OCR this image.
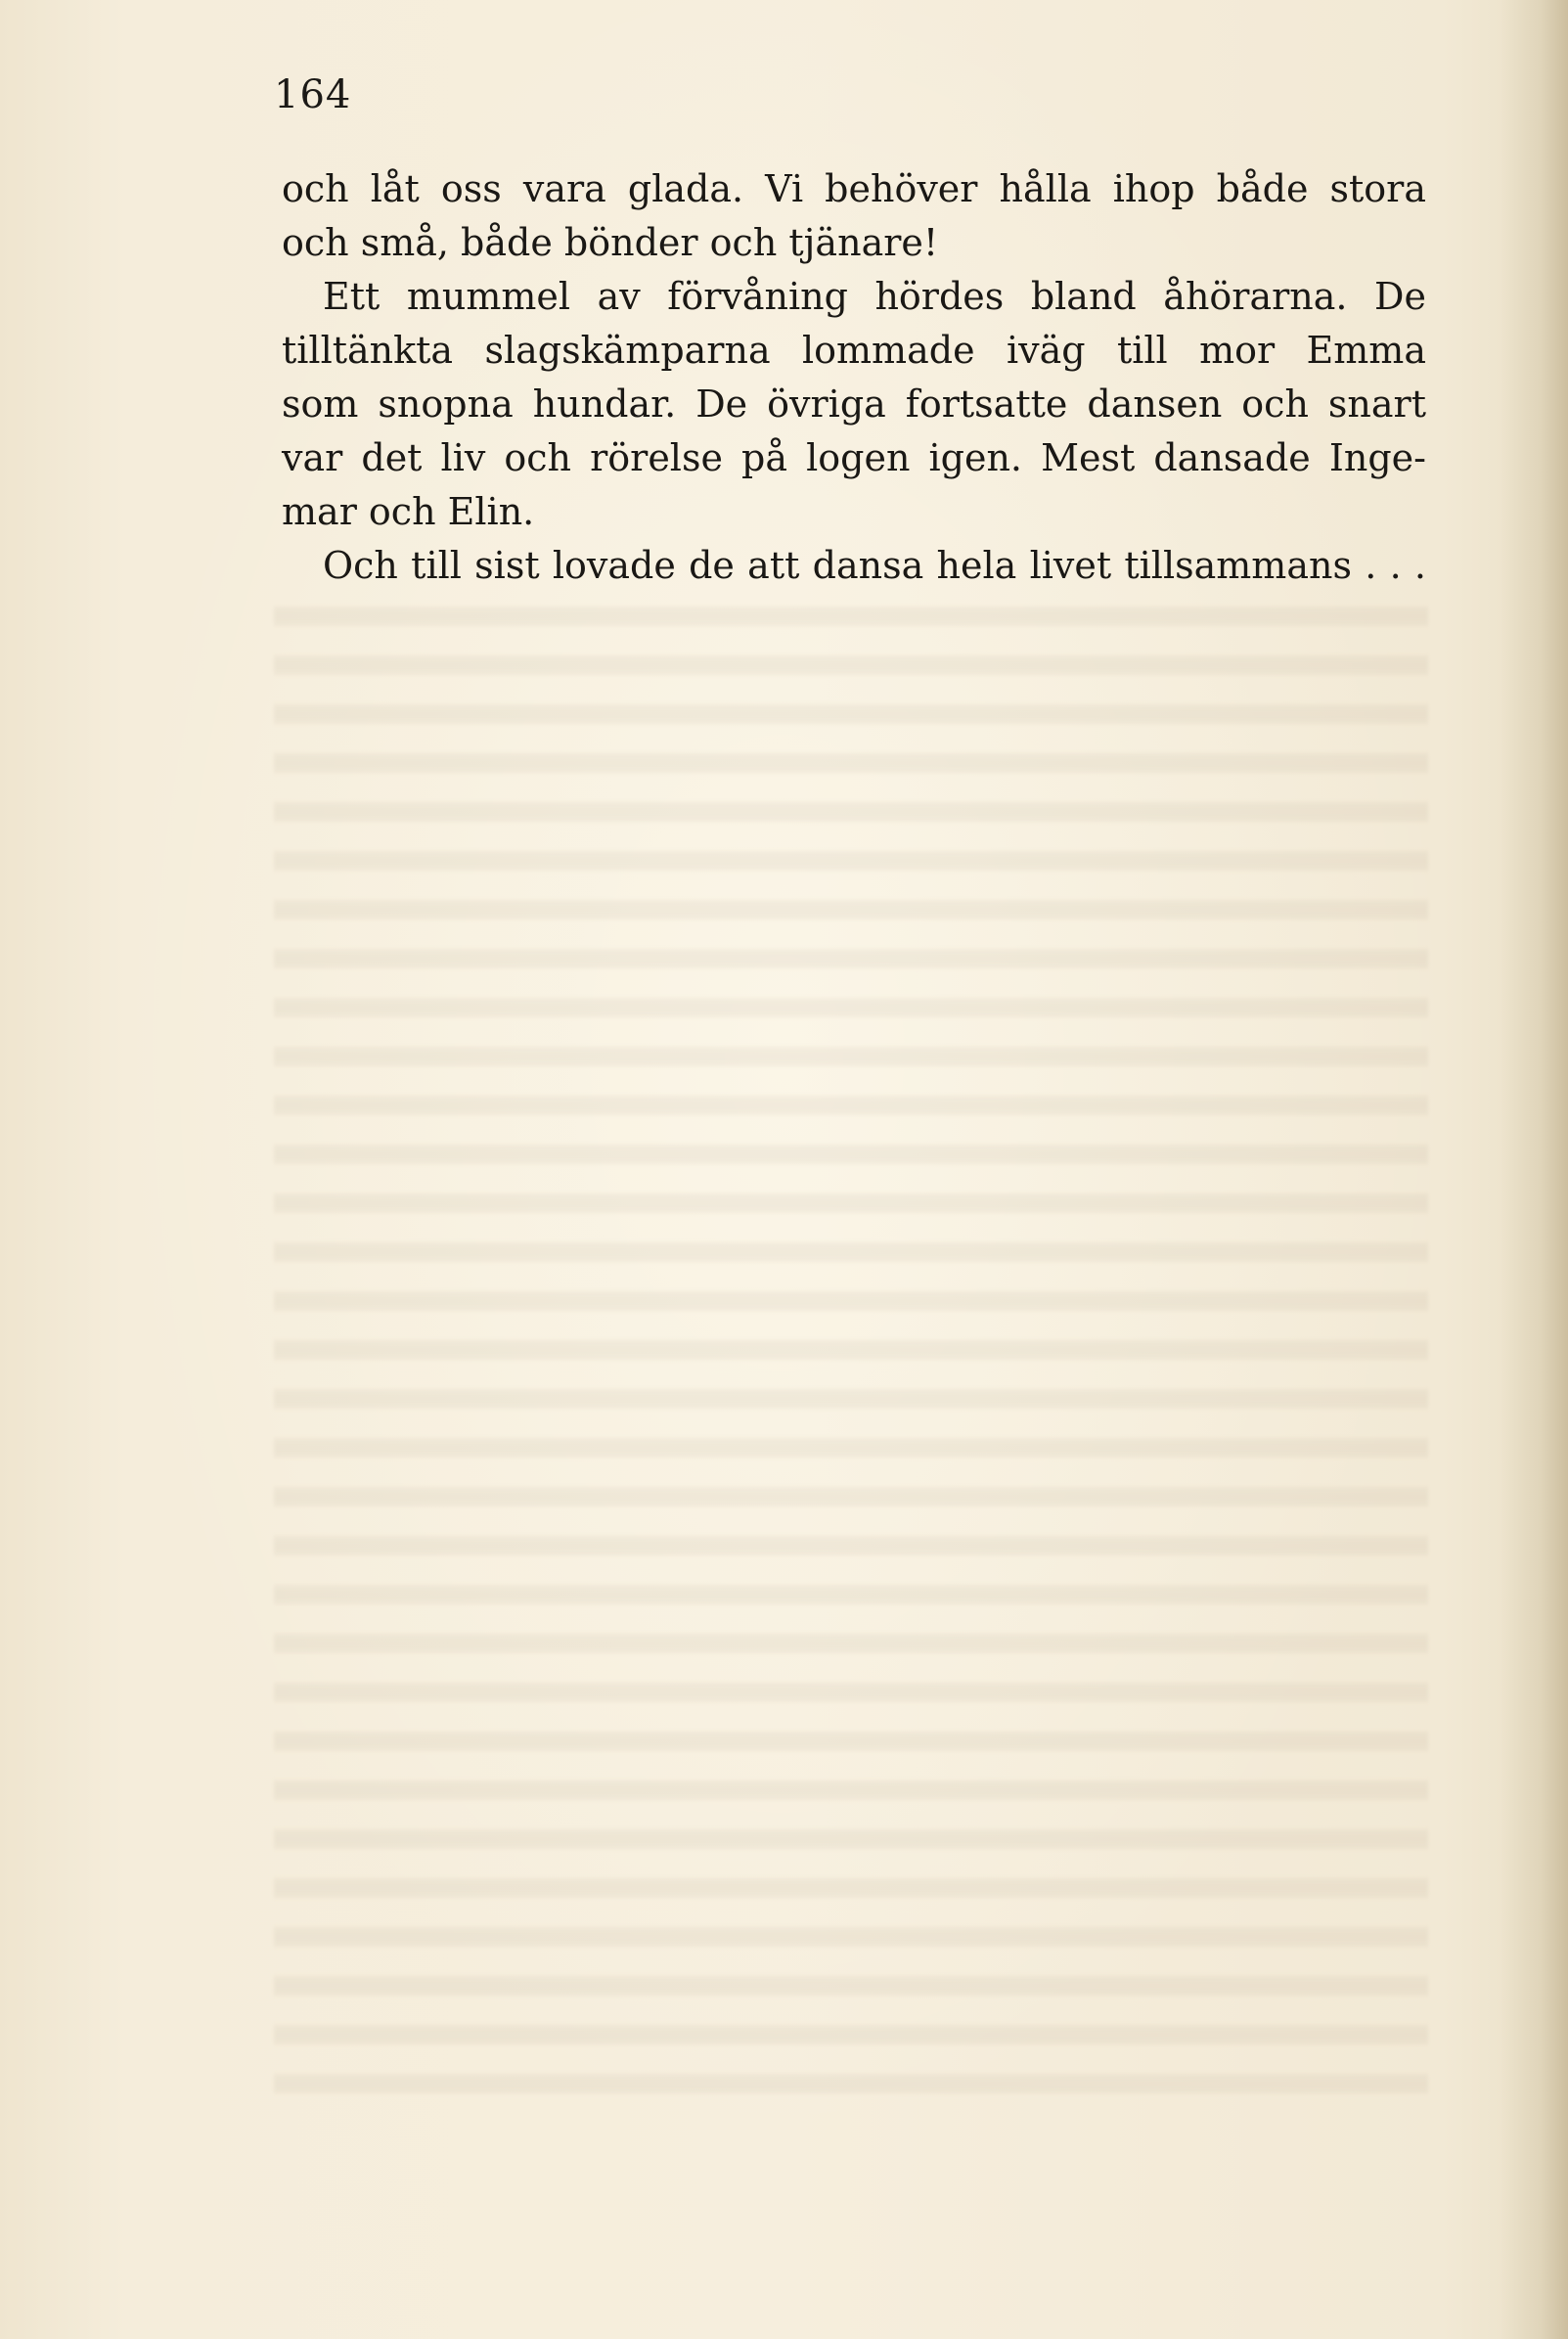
164
och låt oss vara glada. Vi behöver hålla ihop både stora
och små, både bönder och tjänare!
Ett mummel av förvåning hördes bland åhörarna. De
tilltänkta slagskämparna lommade iväg till mor Emma
som snopna hundar. De övriga fortsatte dansen och snart
var det liv och rörelse på logen igen. Mest dansade Inge-
mar och Elin.
Och till sist lovade de att dansa hela livet tillsammans . . .
